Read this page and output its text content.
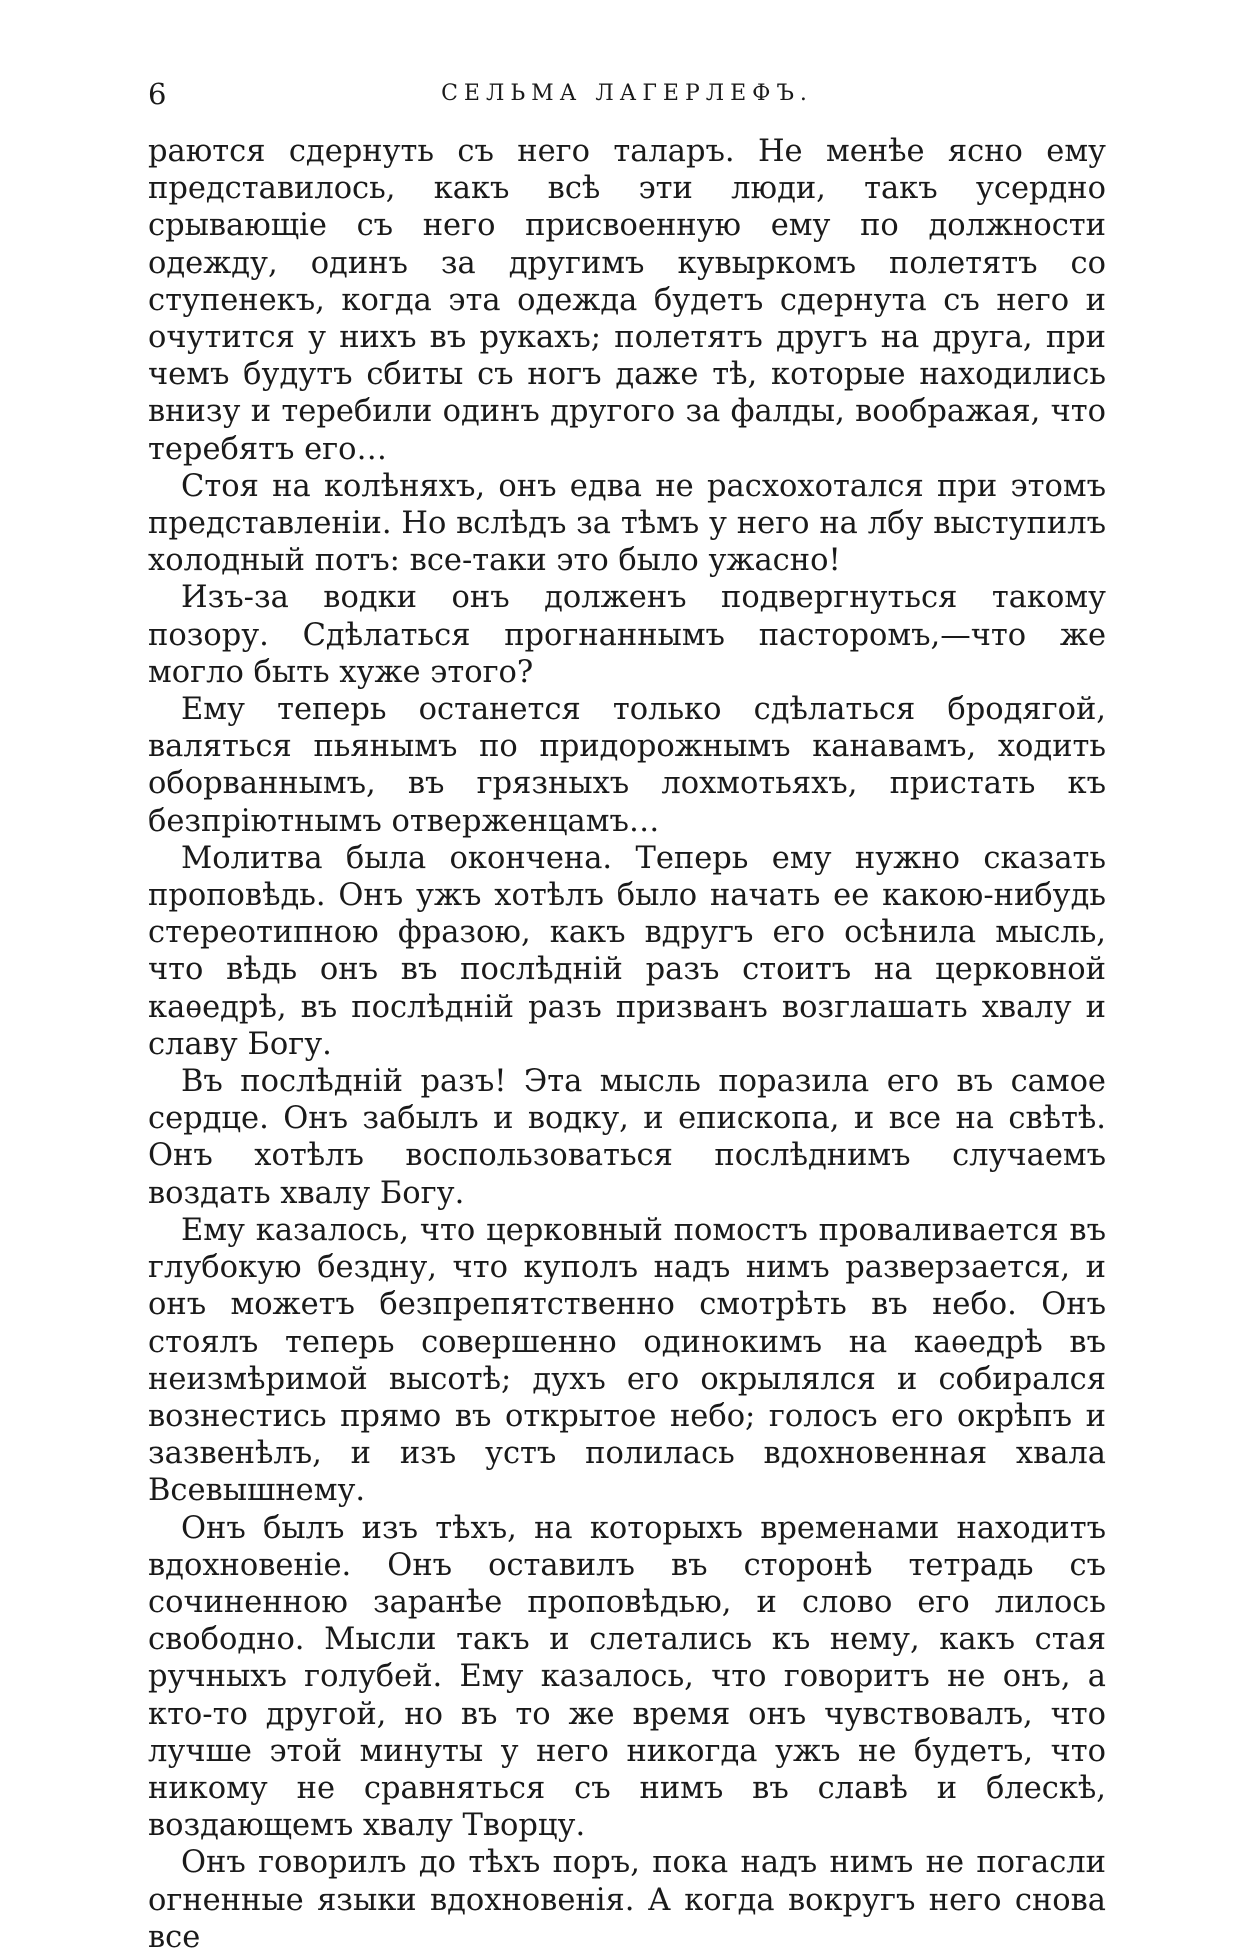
6	СЕЛЬМА ЛАГЕРЛЕФЪ.

раются сдернуть съ него таларъ. Не менѣе ясно ему представилось, какъ всѣ эти люди, такъ усердно срывающіе съ него присвоенную ему по должности одежду, одинъ за другимъ кувыркомъ полетятъ со ступенекъ, когда эта одежда будетъ сдернута съ него и очутится у нихъ въ рукахъ; полетятъ другъ на друга, при чемъ будутъ сбиты съ ногъ даже тѣ, которые находились внизу и теребили одинъ другого за фалды, воображая, что теребятъ его…

Стоя на колѣняхъ, онъ едва не расхохотался при этомъ представленіи. Но вслѣдъ за тѣмъ у него на лбу выступилъ холодный потъ: все-таки это было ужасно!

Изъ-за водки онъ долженъ подвергнуться такому позору. Сдѣлаться прогнаннымъ пасторомъ,—что же могло быть хуже этого?

Ему теперь останется только сдѣлаться бродягой, валяться пьянымъ по придорожнымъ канавамъ, ходить оборваннымъ, въ грязныхъ лохмотьяхъ, пристать къ безпріютнымъ отверженцамъ…

Молитва была окончена. Теперь ему нужно сказать проповѣдь. Онъ ужъ хотѣлъ было начать ее какою-нибудь стереотипною фразою, какъ вдругъ его осѣнила мысль, что вѣдь онъ въ послѣдній разъ стоитъ на церковной каѳедрѣ, въ послѣдній разъ призванъ возглашать хвалу и славу Богу.

Въ послѣдній разъ! Эта мысль поразила его въ самое сердце. Онъ забылъ и водку, и епископа, и все на свѣтѣ. Онъ хотѣлъ воспользоваться послѣднимъ случаемъ воздать хвалу Богу.

Ему казалось, что церковный помостъ проваливается въ глубокую бездну, что куполъ надъ нимъ разверзается, и онъ можетъ безпрепятственно смотрѣть въ небо. Онъ стоялъ теперь совершенно одинокимъ на каѳедрѣ въ неизмѣримой высотѣ; духъ его окрылялся и собирался вознестись прямо въ открытое небо; голосъ его окрѣпъ и зазвенѣлъ, и изъ устъ полилась вдохновенная хвала Всевышнему.

Онъ былъ изъ тѣхъ, на которыхъ временами находитъ вдохновеніе. Онъ оставилъ въ сторонѣ тетрадь съ сочиненною заранѣе проповѣдью, и слово его лилось свободно. Мысли такъ и слетались къ нему, какъ стая ручныхъ голубей. Ему казалось, что говоритъ не онъ, а кто-то другой, но въ то же время онъ чувствовалъ, что лучше этой минуты у него никогда ужъ не будетъ, что никому не сравняться съ нимъ въ славѣ и блескѣ, воздающемъ хвалу Творцу.

Онъ говорилъ до тѣхъ поръ, пока надъ нимъ не погасли огненные языки вдохновенія. А когда вокругъ него снова все
